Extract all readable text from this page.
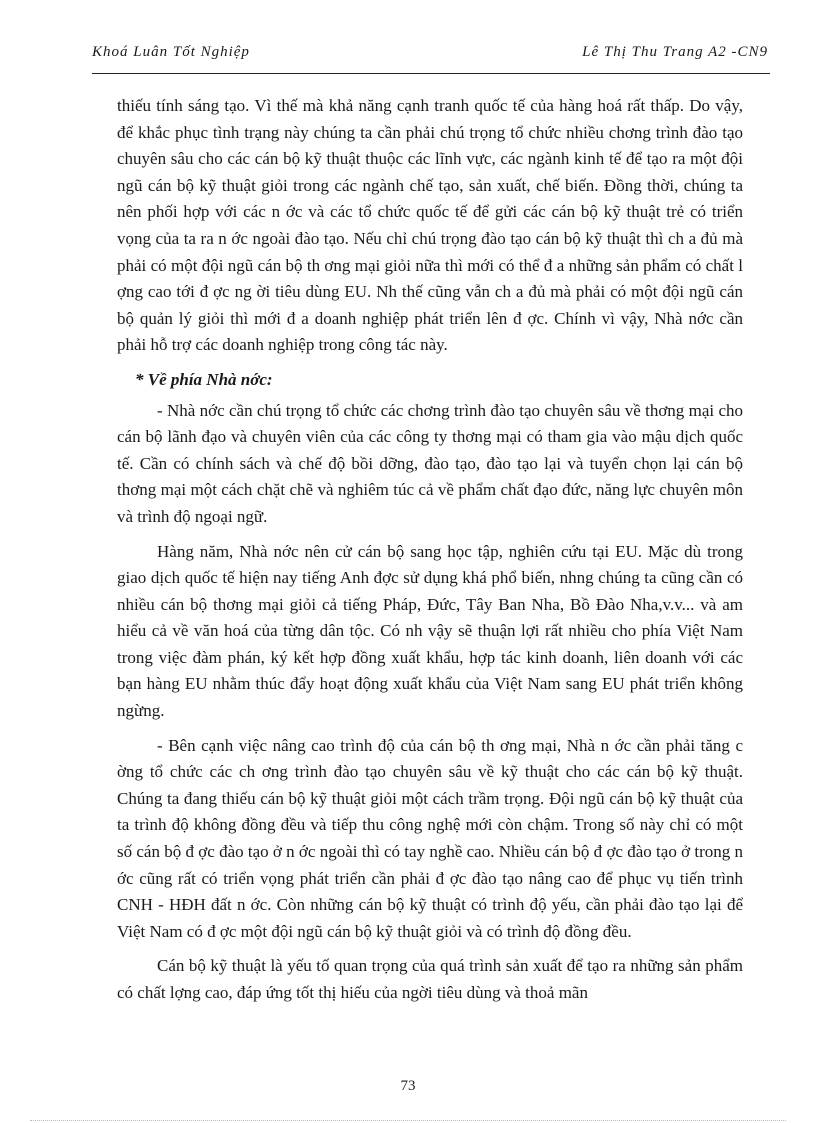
Khoá Luân Tốt Nghiệp	Lê Thị Thu Trang A2 -CN9

thiếu tính sáng tạo. Vì thế mà khả năng cạnh tranh quốc tế của hàng hoá rất thấp. Do vậy, để khắc phục tình trạng này chúng ta cần phải chú trọng tổ chức nhiều chơng trình đào tạo chuyên sâu cho các cán bộ kỹ thuật thuộc các lĩnh vực, các ngành kinh tế để tạo ra một đội ngũ cán bộ kỹ thuật giỏi trong các ngành chế tạo, sản xuất, chế biến. Đồng thời, chúng ta nên phối hợp với các n ớc và các tổ chức quốc tế để gửi các cán bộ kỹ thuật trẻ có triển vọng của ta ra n ớc ngoài đào tạo. Nếu chỉ chú trọng đào tạo cán bộ kỹ thuật thì ch a đủ mà phải có một đội ngũ cán bộ th ơng mại giỏi nữa thì mới có thể đ a những sản phẩm có chất l ợng cao tới đ ợc ng ời tiêu dùng EU. Nh thế cũng vẫn ch a đủ mà phải có một đội ngũ cán bộ quản lý giỏi thì mới đ a doanh nghiệp phát triển lên đ ợc. Chính vì vậy, Nhà nớc cần phải hỗ trợ các doanh nghiệp trong công tác này.

* Về phía Nhà nớc:

- Nhà nớc cần chú trọng tổ chức các chơng trình đào tạo chuyên sâu về thơng mại cho cán bộ lãnh đạo và chuyên viên của các công ty thơng mại có tham gia vào mậu dịch quốc tế. Cần có chính sách và chế độ bồi dỡng, đào tạo, đào tạo lại và tuyển chọn lại cán bộ thơng mại một cách chặt chẽ và nghiêm túc cả về phẩm chất đạo đức, năng lực chuyên môn và trình độ ngoại ngữ.

Hàng năm, Nhà nớc nên cử cán bộ sang học tập, nghiên cứu tại EU. Mặc dù trong giao dịch quốc tế hiện nay tiếng Anh đợc sử dụng khá phổ biến, nhng chúng ta cũng cần có nhiều cán bộ thơng mại giỏi cả tiếng Pháp, Đức, Tây Ban Nha, Bồ Đào Nha,v.v... và am hiểu cả về văn hoá của từng dân tộc. Có nh vậy sẽ thuận lợi rất nhiều cho phía Việt Nam trong việc đàm phán, ký kết hợp đồng xuất khẩu, hợp tác kinh doanh, liên doanh với các bạn hàng EU nhằm thúc đẩy hoạt động xuất khẩu của Việt Nam sang EU phát triển không ngừng.

- Bên cạnh việc nâng cao trình độ của cán bộ th ơng mại, Nhà n ớc cần phải tăng c ờng tổ chức các ch ơng trình đào tạo chuyên sâu về kỹ thuật cho các cán bộ kỹ thuật. Chúng ta đang thiếu cán bộ kỹ thuật giỏi một cách trầm trọng. Đội ngũ cán bộ kỹ thuật của ta trình độ không đồng đều và tiếp thu công nghệ mới còn chậm. Trong số này chỉ có một số cán bộ đ ợc đào tạo ở n ớc ngoài thì có tay nghề cao. Nhiều cán bộ đ ợc đào tạo ở trong n ớc cũng rất có triển vọng phát triển cần phải đ ợc đào tạo nâng cao để phục vụ tiến trình CNH - HĐH đất n ớc. Còn những cán bộ kỹ thuật có trình độ yếu, cần phải đào tạo lại để Việt Nam có đ ợc một đội ngũ cán bộ kỹ thuật giỏi và có trình độ đồng đều.

Cán bộ kỹ thuật là yếu tố quan trọng của quá trình sản xuất để tạo ra những sản phẩm có chất lợng cao, đáp ứng tốt thị hiếu của ngời tiêu dùng và thoả mãn

73
